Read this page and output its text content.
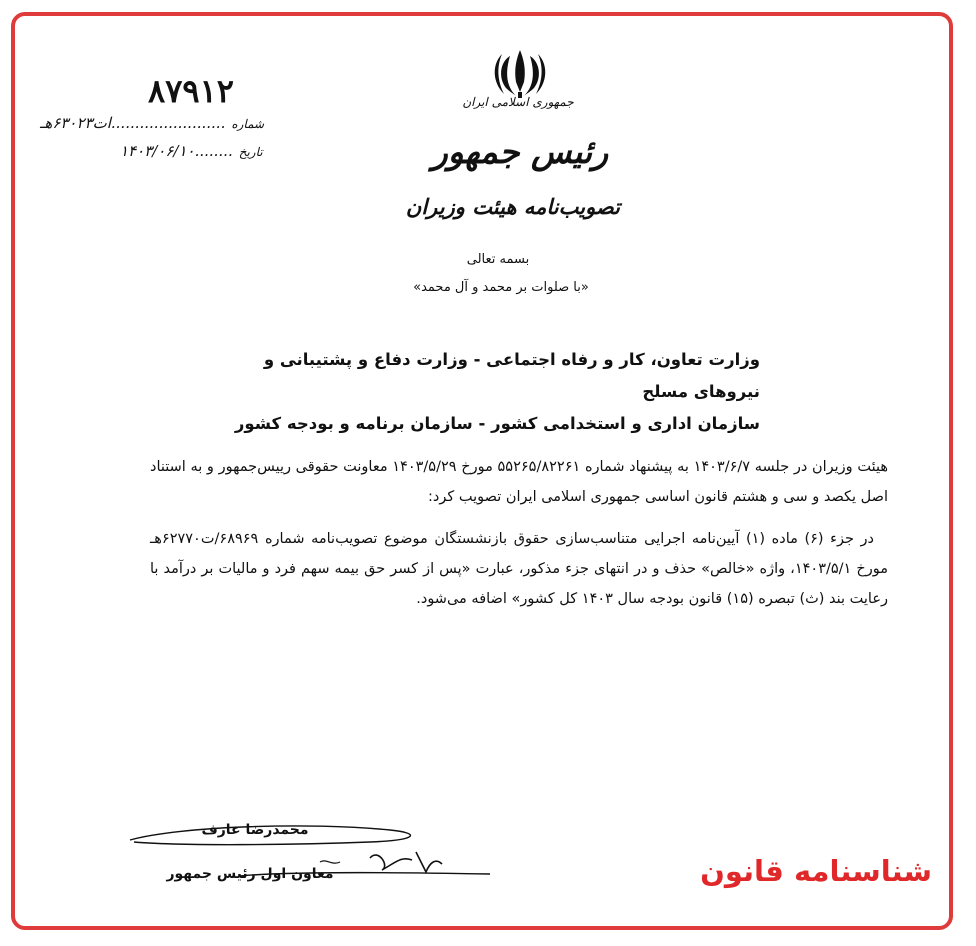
۸۷۹۱۲
شماره........................ات۶۳۰۲۳هـ
تاریخ........۱۴۰۳/۰۶/۱۰
جمهوری اسلامی ایران
رئیس جمهور
تصویب‌نامه هیئت وزیران
بسمه تعالی
«با صلوات بر محمد و آل محمد»
وزارت تعاون، کار و رفاه اجتماعی - وزارت دفاع و پشتیبانی و نیروهای مسلح
سازمان اداری و استخدامی کشور - سازمان برنامه و بودجه کشور

هیئت وزیران در جلسه ۱۴۰۳/۶/۷ به پیشنهاد شماره ۵۵۲۶۵/۸۲۲۶۱ مورخ ۱۴۰۳/۵/۲۹ معاونت حقوقی رییس‌جمهور و به استناد اصل یکصد و سی و هشتم قانون اساسی جمهوری اسلامی ایران تصویب کرد:

در جزء (۶) ماده (۱) آیین‌نامه اجرایی متناسب‌سازی حقوق بازنشستگان موضوع تصویب‌نامه شماره ۶۸۹۶۹/ت۶۲۷۷۰هـ مورخ ۱۴۰۳/۵/۱، واژه «خالص» حذف و در انتهای جزء مذکور، عبارت «پس از کسر حق بیمه سهم فرد و مالیات بر درآمد با رعایت بند (ث) تبصره (۱۵) قانون بودجه سال ۱۴۰۳ کل کشور» اضافه می‌شود.

محمدرضا عارف
معاون اول رئیس جمهور	شناسنامه قانون
